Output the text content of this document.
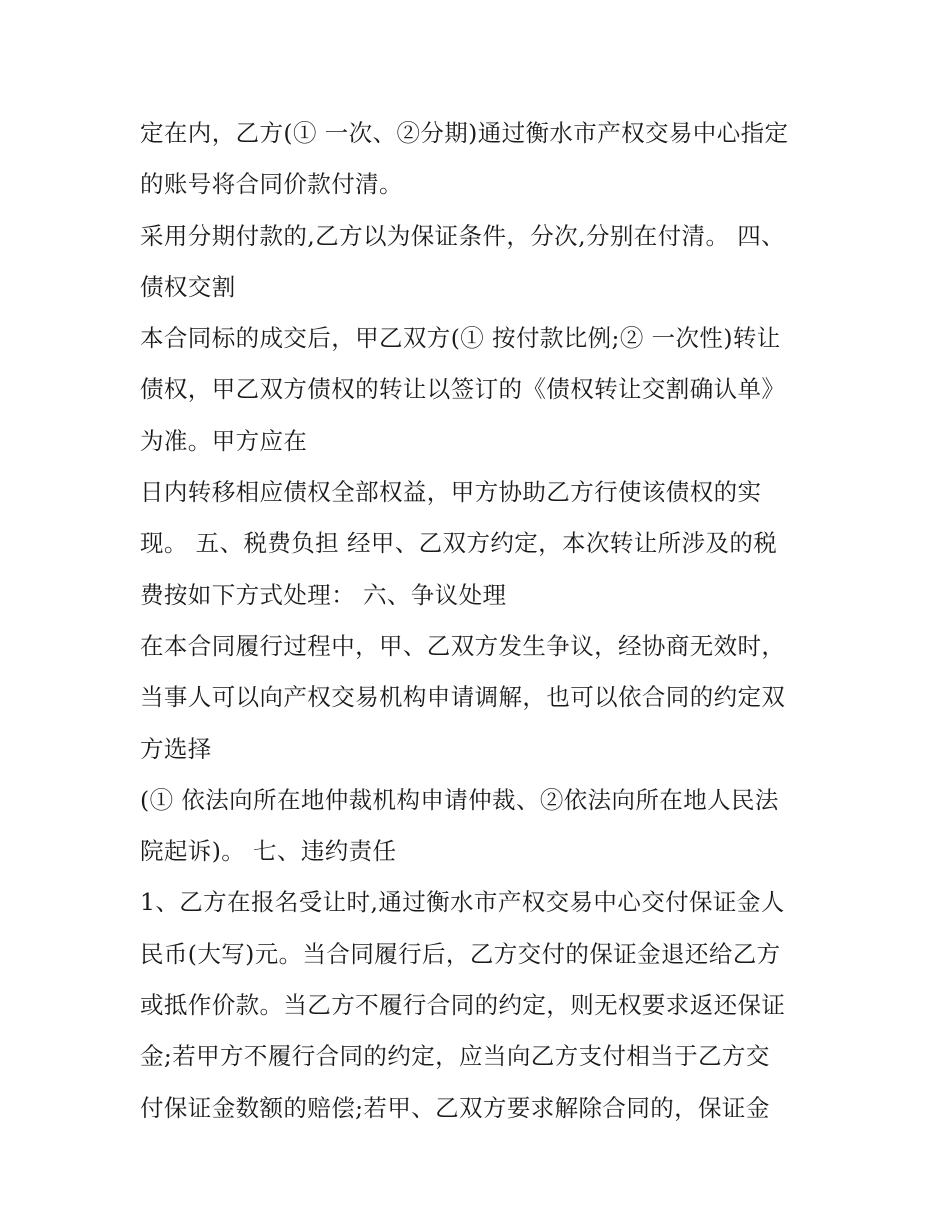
定在内，乙方(① 一次、②分期)通过衡水市产权交易中心指定
的账号将合同价款付清。
采用分期付款的,乙方以为保证条件，分次,分别在付清。 四、
债权交割
本合同标的成交后，甲乙双方(① 按付款比例;② 一次性)转让
债权，甲乙双方债权的转让以签订的《债权转让交割确认单》
为准。甲方应在
日内转移相应债权全部权益，甲方协助乙方行使该债权的实
现。 五、税费负担 经甲、乙双方约定，本次转让所涉及的税
费按如下方式处理： 六、争议处理
在本合同履行过程中，甲、乙双方发生争议，经协商无效时，
当事人可以向产权交易机构申请调解，也可以依合同的约定双
方选择
(① 依法向所在地仲裁机构申请仲裁、②依法向所在地人民法
院起诉)。 七、违约责任
1、乙方在报名受让时,通过衡水市产权交易中心交付保证金人
民币(大写)元。当合同履行后，乙方交付的保证金退还给乙方
或抵作价款。当乙方不履行合同的约定，则无权要求返还保证
金;若甲方不履行合同的约定，应当向乙方支付相当于乙方交
付保证金数额的赔偿;若甲、乙双方要求解除合同的，保证金
